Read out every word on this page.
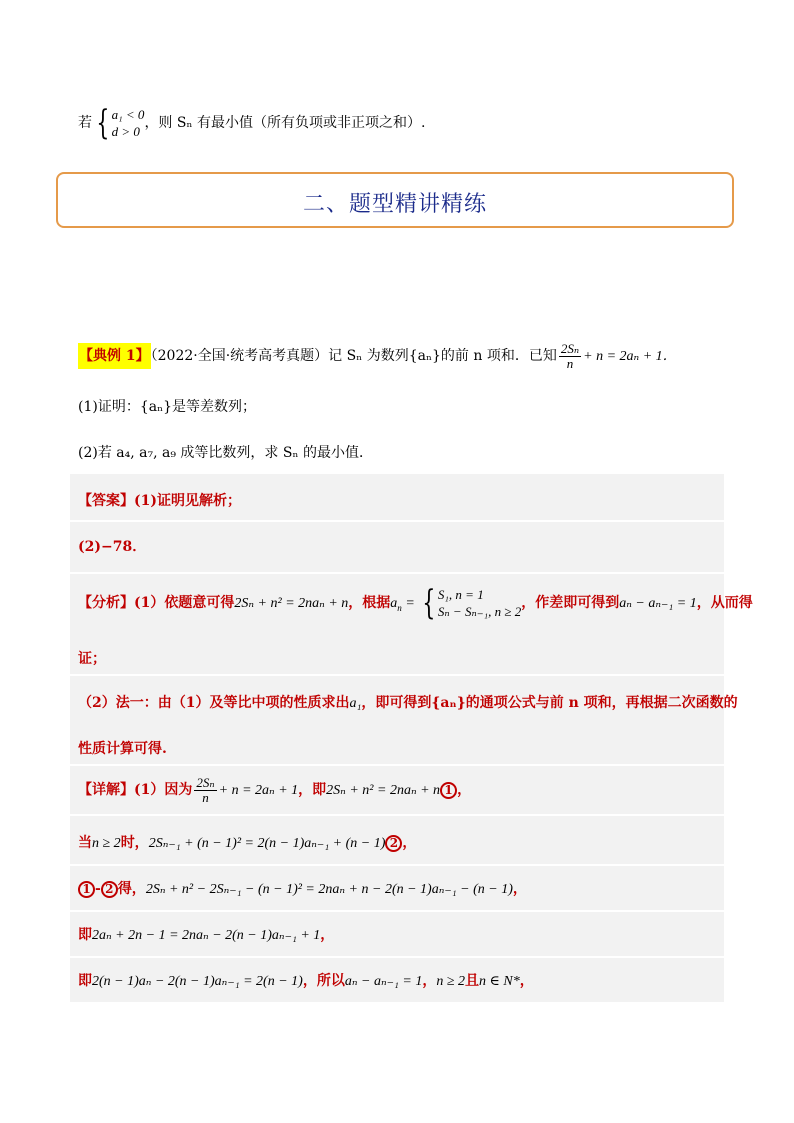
若 { a₁ < 0
d > 0
，则 Sₙ 有最小值（所有负项或非正项之和）.
二、题型精讲精练
【典例 1】（2022·全国·统考高考真题）记 Sₙ 为数列{aₙ}的前 n 项和．已知 $\frac{\text{2Sₙ}}{n} + n = 2a_n + 1$．
(1)证明：{aₙ}是等差数列；
(2)若 a₄, a₇, a₉ 成等比数列，求 Sₙ 的最小值．
【答案】(1)证明见解析；
(2)−78．
【分析】(1）依题意可得2Sₙ + n² = 2naₙ + n，根据$a_n$ = { S₁, n = 1
Sₙ − Sₙ₋₁, n ≥ 2
，作差即可得到aₙ − aₙ₋₁ = 1，从而得
证；
（2）法一：由（1）及等比中项的性质求出a₁，即可得到{aₙ}的通项公式与前 n 项和，再根据二次函数的
性质计算可得.
【详解】(1）因为 $\frac{\text{2Sₙ}}{n} + n = 2a_n + 1$，即2Sₙ + n² = 2naₙ + n 1 ，
当n ≥ 2时，2Sₙ₋₁ + (n − 1)² = 2(n − 1)aₙ₋₁ + (n − 1) 2 ，
1 - 2 得，2Sₙ + n² − 2Sₙ₋₁ − (n − 1)² = 2naₙ + n − 2(n − 1)aₙ₋₁ − (n − 1)，
即2aₙ + 2n − 1 = 2naₙ − 2(n − 1)aₙ₋₁ + 1，
即2(n − 1)aₙ − 2(n − 1)aₙ₋₁ = 2(n − 1)，所以aₙ − aₙ₋₁ = 1，n ≥ 2且n ∈ N*，
